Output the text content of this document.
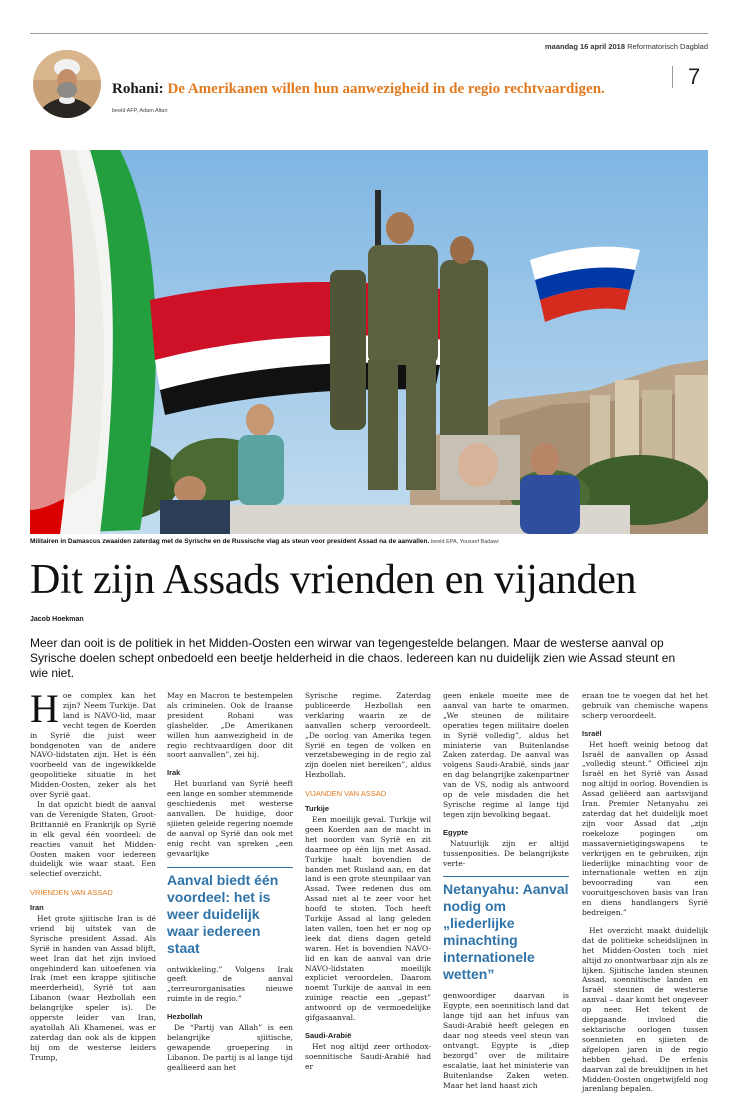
maandag 16 april 2018 Reformatorisch Dagblad
7
Rohani: De Amerikanen willen hun aanwezigheid in de regio rechtvaardigen.
beeld AFP, Adam Altan
Militairen in Damascus zwaaiden zaterdag met de Syrische en de Russische vlag als steun voor president Assad na de aanvallen. beeld EPA, Youssef Badawi
Dit zijn Assads vrienden en vijanden
Jacob Hoekman

Meer dan ooit is de politiek in het Midden-Oosten een wirwar van tegengestelde belangen. Maar de westerse aanval op Syrische doelen schept onbedoeld een beetje helderheid in die chaos. Iedereen kan nu duidelijk zien wie Assad steunt en wie niet.

Hoe complex kan het zijn? Neem Turkije. Dat land is NAVO-lid, maar vecht tegen de Koerden in Syrië die juist weer bondgenoten van de andere NAVO-lidstaten zijn. Het is één voorbeeld van de ingewikkelde geopolitieke situatie in het Midden-Oosten, zeker als het over Syrië gaat.

In dat opzicht biedt de aanval van de Verenigde Staten, Groot-Brittannië en Frankrijk op Syrië in elk geval één voordeel: de reacties vanuit het Midden-Oosten maken voor iedereen duidelijk wie waar staat. Een selectief overzicht.

VRIENDEN VAN ASSAD
Iran

Het grote sjiitische Iran is dé vriend bij uitstek van de Syrische president Assad. Als Syrië in handen van Assad blijft, weet Iran dat het zijn invloed ongehinderd kan uitoefenen via Irak (met een krappe sjiitische meerderheid), Syrië tot aan Libanon (waar Hezbollah een belangrijke speler is). De opperste leider van Iran, ayatollah Ali Khamenei, was er zaterdag dan ook als de kippen bij om de westerse leiders Trump,

May en Macron te bestempelen als criminelen. Ook de Iraanse president Rohani was glashelder. „De Amerikanen willen hun aanwezigheid in de regio rechtvaardigen door dit soort aanvallen”, zei hij.

Irak

Het buurland van Syrië heeft een lange en somber stemmende geschiedenis met westerse aanvallen. De huidige, door sjiieten geleide regering noemde de aanval op Syrië dan ook met enig recht van spreken „een gevaarlijke

Aanval biedt één voordeel: het is weer duidelijk waar iedereen staat

ontwikkeling.” Volgens Irak geeft de aanval „terreurorganisaties nieuwe ruimte in de regio.”

Hezbollah

De “Partij van Allah” is een belangrijke sjiitische, gewapende groepering in Libanon. De partij is al lange tijd geallieerd aan het

Syrische regime. Zaterdag publiceerde Hezbollah een verklaring waarin ze de aanvallen scherp veroordeelt. „De oorlog van Amerika tegen Syrië en tegen de volken en verzetsbeweging in de regio zal zijn doelen niet bereiken”, aldus Hezbollah.

VIJANDEN VAN ASSAD
Turkije

Een moeilijk geval. Turkije wil geen Koerden aan de macht in het noorden van Syrië en zit daarmee op één lijn met Assad. Turkije haalt bovendien de banden met Rusland aan, en dat land is een grote steunpilaar van Assad. Twee redenen dus om Assad niet al te zeer voor het hoofd te stoten. Toch heeft Turkije Assad al lang geleden laten vallen, toen het er nog op leek dat diens dagen geteld waren. Het is bovendien NAVO-lid en kan de aanval van drie NAVO-lidstaten moeilijk expliciet veroordelen. Daarom noemt Turkije de aanval in een zuinige reactie een „gepast” antwoord op de vermoedelijke gifgasaanval.

Saudi-Arabië

Het nog altijd zeer orthodox-soennitische Saudi-Arabië had er

geen enkele moeite mee de aanval van harte te omarmen. „We steunen de militaire operaties tegen militaire doelen in Syrië volledig”, aldus het ministerie van Buitenlandse Zaken zaterdag. De aanval was volgens Saudi-Arabië, sinds jaar en dag belangrijke zakenpartner van de VS, nodig als antwoord op de vele misdaden die het Syrische regime al lange tijd tegen zijn bevolking begaat.

Egypte

Natuurlijk zijn er altijd tussenposities. De belangrijkste verte-

Netanyahu: Aanval nodig om „liederlijke minachting internationele wetten”

genwoordiger daarvan is Egypte, een soennitisch land dat lange tijd aan het infuus van Saudi-Arabië heeft gelegen en daar nog steeds veel steun van ontvangt. Egypte is „diep bezorgd” over de militaire escalatie, laat het ministerie van Buitenlandse Zaken weten. Maar het land haast zich

eraan toe te voegen dat het het gebruik van chemische wapens scherp veroordeelt.

Israël

Het hoeft weinig betoog dat Israël de aanvallen op Assad „volledig steunt.” Officieel zijn Israël en het Syrië van Assad nog altijd in oorlog. Bovendien is Assad geliëerd aan aartsvijand Iran. Premier Netanyahu zei zaterdag dat het duidelijk moet zijn voor Assad dat „zijn roekeloze pogingen om massavernietigingswapens te verkrijgen en te gebruiken, zijn liederlijke minachting voor de internationale wetten en zijn bevoorrading van een vooruitgeschoven basis van Iran en diens handlangers Syrië bedreigen.”

Het overzicht maakt duidelijk dat de politieke scheidslijnen in het Midden-Oosten toch niet altijd zo onontwarbaar zijn als ze lijken. Sjiitische landen steunen Assad, soennitische landen en Israël steunen de westerse aanval – daar komt het ongeveer op neer. Het tekent de diepgaande invloed die sektarische oorlogen tussen soennieten en sjiieten de afgelopen jaren in de regio hebben gehad. De erfenis daarvan zal de breuklijnen in het Midden-Oosten ongetwijfeld nog jarenlang bepalen.
